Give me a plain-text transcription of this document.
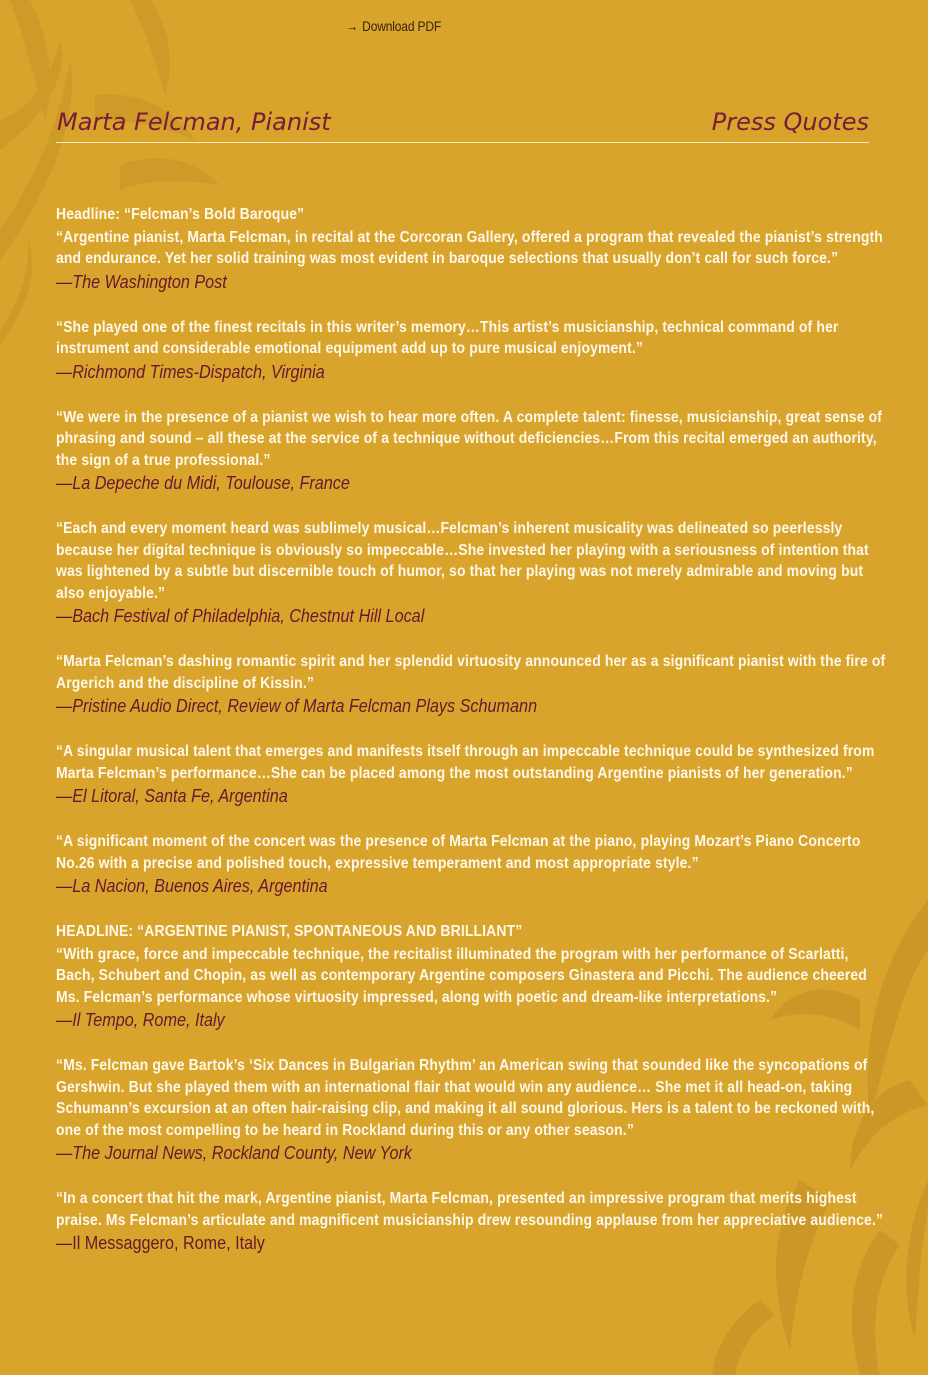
→ Download PDF
Marta Felcman, Pianist	Press Quotes
Headline: “Felcman’s Bold Baroque”
“Argentine pianist, Marta Felcman, in recital at the Corcoran Gallery, offered a program that revealed the pianist’s strength and endurance. Yet her solid training was most evident in baroque selections that usually don’t call for such force.”
—The Washington Post
“She played one of the finest recitals in this writer’s memory…This artist’s musicianship, technical command of her instrument and considerable emotional equipment add up to pure musical enjoyment.”
—Richmond Times-Dispatch, Virginia
“We were in the presence of a pianist we wish to hear more often. A complete talent: finesse, musicianship, great sense of phrasing and sound – all these at the service of a technique without deficiencies…From this recital emerged an authority, the sign of a true professional.”
—La Depeche du Midi, Toulouse, France
“Each and every moment heard was sublimely musical…Felcman’s inherent musicality was delineated so peerlessly because her digital technique is obviously so impeccable…She invested her playing with a seriousness of intention that was lightened by a subtle but discernible touch of humor, so that her playing was not merely admirable and moving but also enjoyable.”
—Bach Festival of Philadelphia, Chestnut Hill Local
“Marta Felcman’s dashing romantic spirit and her splendid virtuosity announced her as a significant pianist with the fire of Argerich and the discipline of Kissin.”
—Pristine Audio Direct, Review of Marta Felcman Plays Schumann
“A singular musical talent that emerges and manifests itself through an impeccable technique could be synthesized from Marta Felcman’s performance…She can be placed among the most outstanding Argentine pianists of her generation.”
—El Litoral, Santa Fe, Argentina
“A significant moment of the concert was the presence of Marta Felcman at the piano, playing Mozart’s Piano Concerto No.26 with a precise and polished touch, expressive temperament and most appropriate style.”
—La Nacion, Buenos Aires, Argentina
HEADLINE: “ARGENTINE PIANIST, SPONTANEOUS AND BRILLIANT”
“With grace, force and impeccable technique, the recitalist illuminated the program with her performance of Scarlatti, Bach, Schubert and Chopin, as well as contemporary Argentine composers Ginastera and Picchi. The audience cheered Ms. Felcman’s performance whose virtuosity impressed, along with poetic and dream-like interpretations.”
—Il Tempo, Rome, Italy
“Ms. Felcman gave Bartok’s ‘Six Dances in Bulgarian Rhythm’ an American swing that sounded like the syncopations of Gershwin. But she played them with an international flair that would win any audience… She met it all head-on, taking Schumann’s excursion at an often hair-raising clip, and making it all sound glorious. Hers is a talent to be reckoned with, one of the most compelling to be heard in Rockland during this or any other season.”
—The Journal News, Rockland County, New York
“In a concert that hit the mark, Argentine pianist, Marta Felcman, presented an impressive program that merits highest praise. Ms Felcman’s articulate and magnificent musicianship drew resounding applause from her appreciative audience.”
—Il Messaggero, Rome, Italy
